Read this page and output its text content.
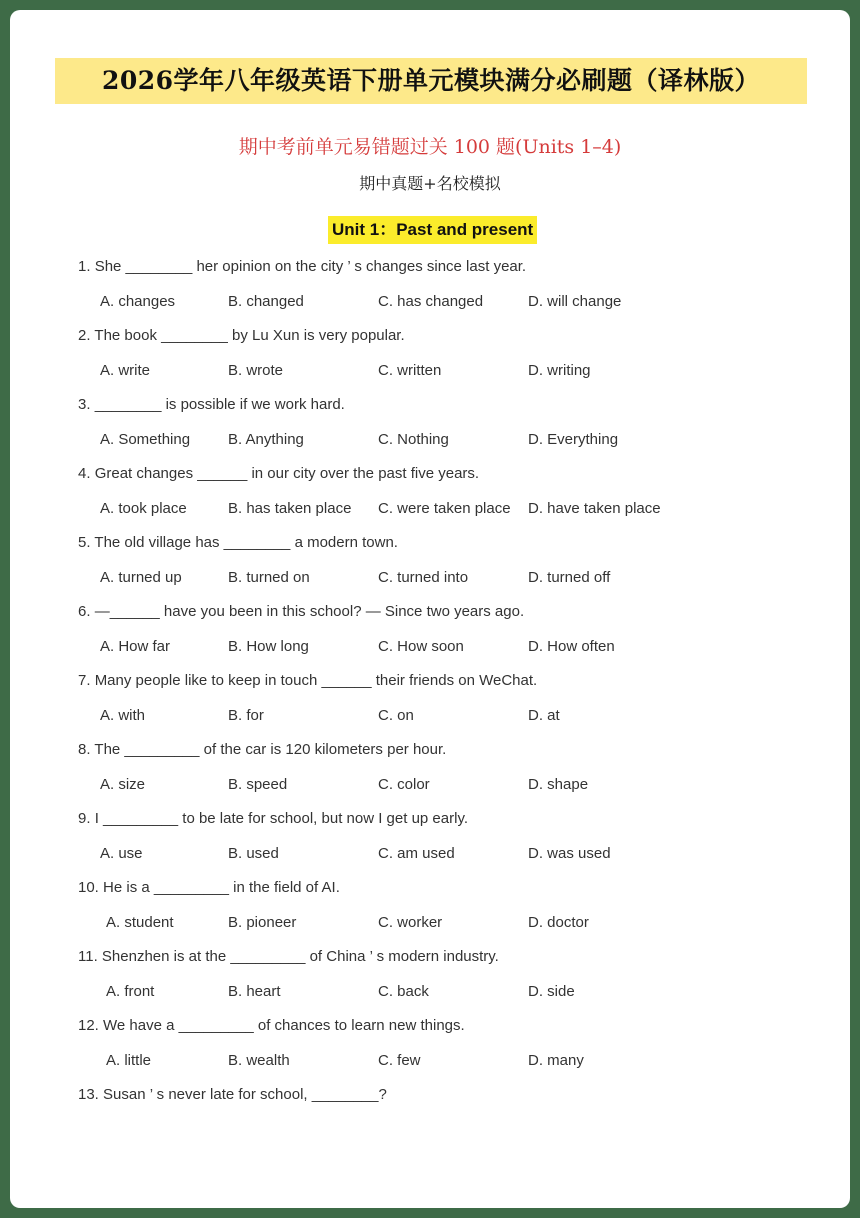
2026学年八年级英语下册单元模块满分必刷题（译林版）
期中考前单元易错题过关 100 题(Units 1–4)
期中真题+名校模拟
Unit 1：Past and present
1. She ________ her opinion on the city ’ s changes since last year.
A. changes	B. changed	C. has changed	D. will change
2. The book ________ by Lu Xun is very popular.
A. write	B. wrote	C. written	D. writing
3. ________ is possible if we work hard.
A. Something	B. Anything	C. Nothing	D. Everything
4. Great changes ______ in our city over the past five years.
A. took place	B. has taken place C. were taken place D. have taken place
5. The old village has ________ a modern town.
A. turned up	B. turned on	C. turned into	D. turned off
6. —______ have you been in this school? — Since two years ago.
A. How far	B. How long	C. How soon	D. How often
7. Many people like to keep in touch ______ their friends on WeChat.
A. with	B. for	C. on	D. at
8. The _________ of the car is 120 kilometers per hour.
A. size	B. speed	C. color	D. shape
9. I _________ to be late for school, but now I get up early.
A. use	B. used	C. am used	D. was used
10. He is a _________ in the field of AI.
A. student	B. pioneer	C. worker	D. doctor
11. Shenzhen is at the _________ of China ’ s modern industry.
A. front	B. heart	C. back	D. side
12. We have a _________ of chances to learn new things.
A. little	B. wealth	C. few	D. many
13. Susan ’ s never late for school, ________?
